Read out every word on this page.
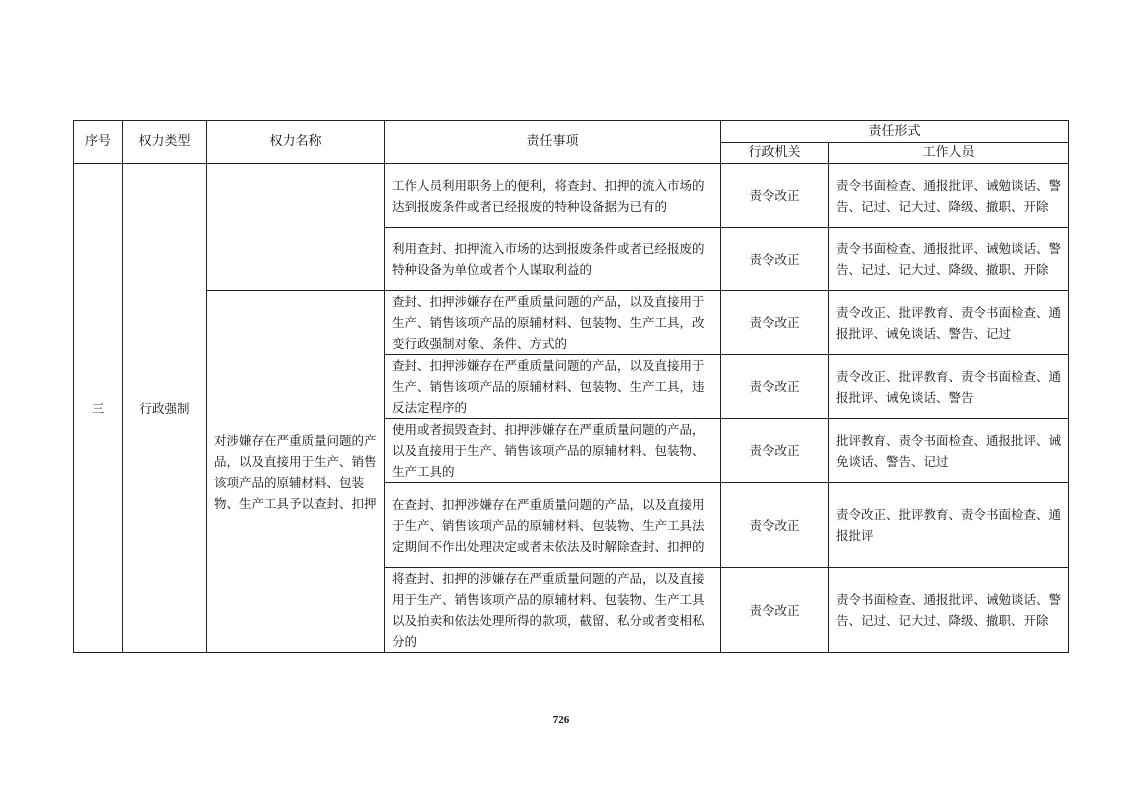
序号	权力类型	权力名称	责任事项	责任形式	
				行政机关	工作人员
三	行政强制		工作人员利用职务上的便利，将查封、扣押的流入市场的达到报废条件或者已经报废的特种设备据为已有的	责令改正	责令书面检查、通报批评、诫勉谈话、警告、记过、记大过、降级、撤职、开除
			利用查封、扣押流入市场的达到报废条件或者已经报废的特种设备为单位或者个人谋取利益的	责令改正	责令书面检查、通报批评、诫勉谈话、警告、记过、记大过、降级、撤职、开除
		对涉嫌存在严重质量问题的产品，以及直接用于生产、销售该项产品的原辅材料、包装物、生产工具予以查封、扣押	查封、扣押涉嫌存在严重质量问题的产品，以及直接用于生产、销售该项产品的原辅材料、包装物、生产工具，改变行政强制对象、条件、方式的	责令改正	责令改正、批评教育、责令书面检查、通报批评、诫免谈话、警告、记过
			查封、扣押涉嫌存在严重质量问题的产品，以及直接用于生产、销售该项产品的原辅材料、包装物、生产工具，违反法定程序的	责令改正	责令改正、批评教育、责令书面检查、通报批评、诫免谈话、警告
			使用或者损毁查封、扣押涉嫌存在严重质量问题的产品，以及直接用于生产、销售该项产品的原辅材料、包装物、生产工具的	责令改正	批评教育、责令书面检查、通报批评、诫免谈话、警告、记过
			在查封、扣押涉嫌存在严重质量问题的产品，以及直接用于生产、销售该项产品的原辅材料、包装物、生产工具法定期间不作出处理决定或者未依法及时解除查封、扣押的	责令改正	责令改正、批评教育、责令书面检查、通报批评
			将查封、扣押的涉嫌存在严重质量问题的产品，以及直接用于生产、销售该项产品的原辅材料、包装物、生产工具以及拍卖和依法处理所得的款项，截留、私分或者变相私分的	责令改正	责令书面检查、通报批评、诫勉谈话、警告、记过、记大过、降级、撤职、开除
726
